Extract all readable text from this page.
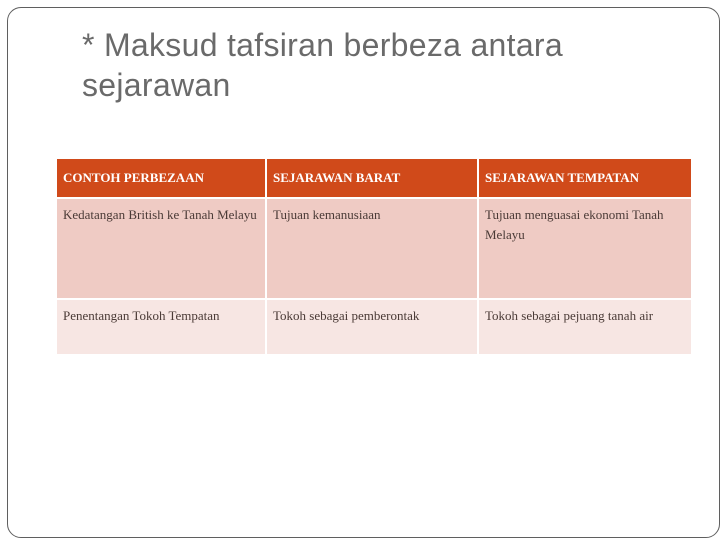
* Maksud tafsiran berbeza antara sejarawan
CONTOH PERBEZAAN	SEJARAWAN BARAT	SEJARAWAN TEMPATAN

Kedatangan British ke Tanah Melayu	Tujuan kemanusiaan	Tujuan menguasai ekonomi Tanah Melayu
Penentangan Tokoh Tempatan	Tokoh sebagai pemberontak	Tokoh sebagai pejuang tanah air
